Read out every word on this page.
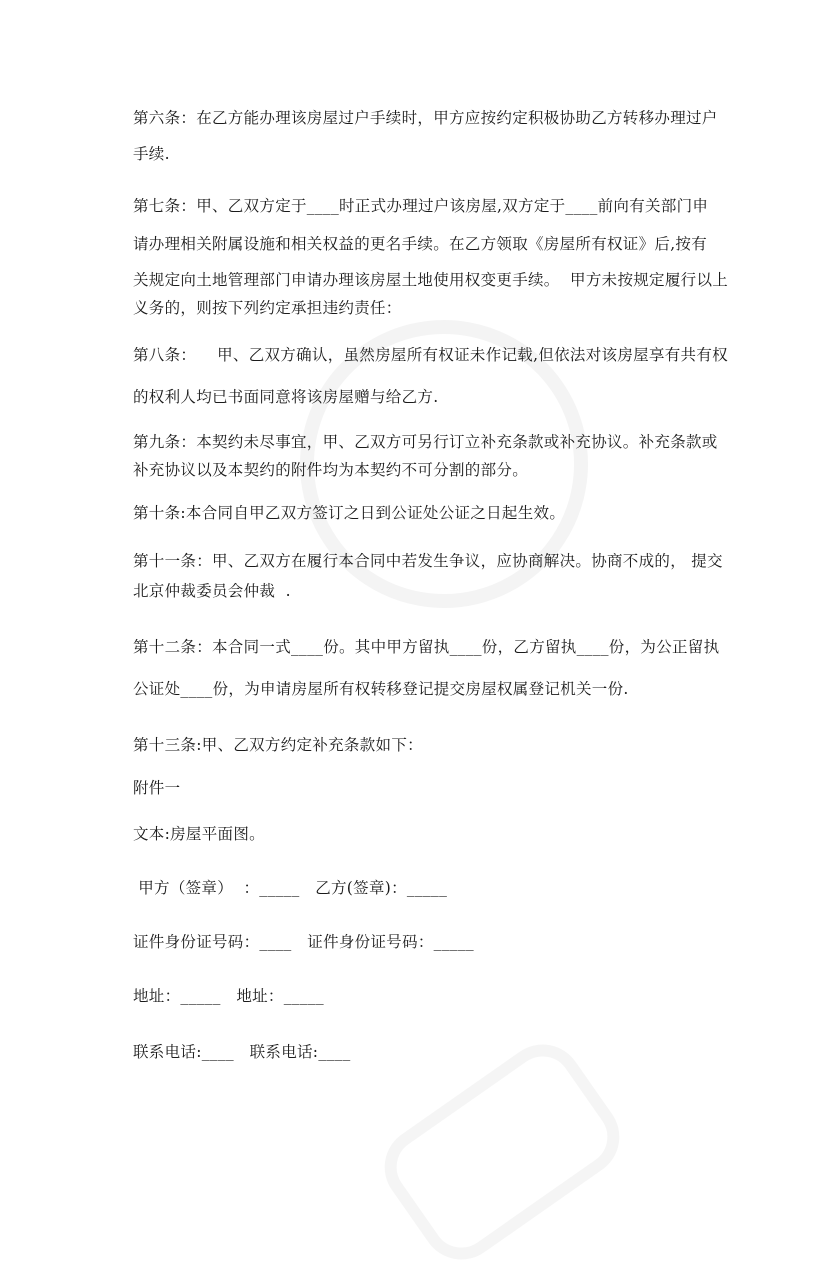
第六条：在乙方能办理该房屋过户手续时，甲方应按约定积极协助乙方转移办理过户
手续.
第七条：甲、乙双方定于____时正式办理过户该房屋,双方定于____前向有关部门申
请办理相关附属设施和相关权益的更名手续。在乙方领取《房屋所有权证》后,按有
关规定向土地管理部门申请办理该房屋土地使用权变更手续。  甲方未按规定履行以上
义务的，则按下列约定承担违约责任：
第八条：    甲、乙双方确认，虽然房屋所有权证未作记载,但依法对该房屋享有共有权
的权利人均已书面同意将该房屋赠与给乙方.
第九条：本契约未尽事宜，甲、乙双方可另行订立补充条款或补充协议。补充条款或
补充协议以及本契约的附件均为本契约不可分割的部分。
第十条:本合同自甲乙双方签订之日到公证处公证之日起生效。
第十一条：甲、乙双方在履行本合同中若发生争议，应协商解决。协商不成的， 提交
北京仲裁委员会仲裁  .
第十二条：本合同一式____份。其中甲方留执____份，乙方留执____份，为公正留执
公证处____份，为申请房屋所有权转移登记提交房屋权属登记机关一份.
第十三条:甲、乙双方约定补充条款如下：
附件一
文本:房屋平面图。
甲方（签章）  ：_____   乙方(签章)：_____
证件身份证号码：____   证件身份证号码：_____
地址：_____   地址：_____
联系电话:____   联系电话:____
